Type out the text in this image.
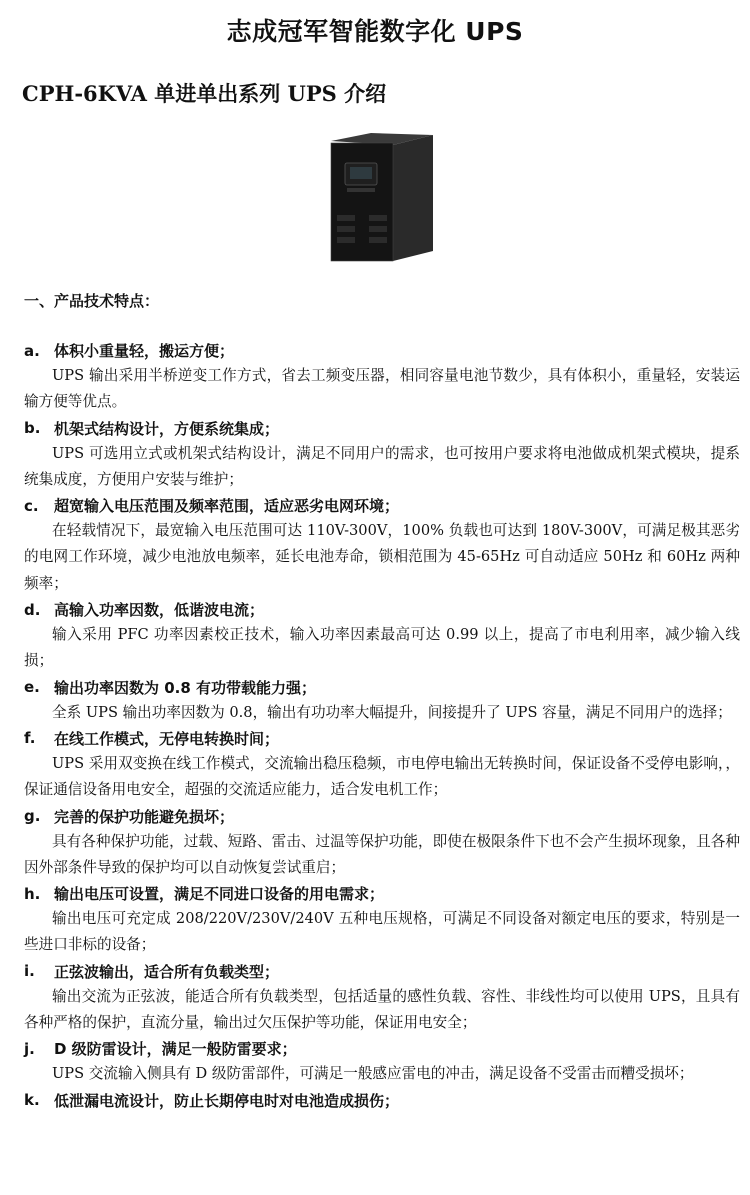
志成冠军智能数字化 UPS
CPH-6KVA 单进单出系列 UPS 介绍
一、产品技术特点：
a. 体积小重量轻，搬运方便；

UPS 输出采用半桥逆变工作方式，省去工频变压器，相同容量电池节数少，具有体积小，重量轻，安装运输方便等优点。

b. 机架式结构设计，方便系统集成；

UPS 可选用立式或机架式结构设计，满足不同用户的需求，也可按用户要求将电池做成机架式模块，提系统集成度，方便用户安装与维护；

c.	超宽输入电压范围及频率范围，适应恶劣电网环境；

在轻载情况下，最宽输入电压范围可达 110V-300V，100% 负载也可达到 180V-300V，可满足极其恶劣的电网工作环境，减少电池放电频率，延长电池寿命，锁相范围为 45-65Hz 可自动适应 50Hz 和 60Hz 两种频率；

d. 高输入功率因数，低谐波电流；

输入采用 PFC 功率因素校正技术，输入功率因素最高可达 0.99 以上，提高了市电利用率，减少输入线损；

e. 输出功率因数为 0.8 有功带载能力强；

全系 UPS 输出功率因数为 0.8，输出有功功率大幅提升，间接提升了 UPS 容量，满足不同用户的选择；

f.	在线工作模式，无停电转换时间；

UPS 采用双变换在线工作模式，交流输出稳压稳频，市电停电输出无转换时间，保证设备不受停电影响，，保证通信设备用电安全，超强的交流适应能力，适合发电机工作；

g. 完善的保护功能避免损坏；

具有各种保护功能，过载、短路、雷击、过温等保护功能，即使在极限条件下也不会产生损坏现象，且各种因外部条件导致的保护均可以自动恢复尝试重启；

h. 输出电压可设置，满足不同进口设备的用电需求；

输出电压可充定成 208/220V/230V/240V 五种电压规格，可满足不同设备对额定电压的要求，特别是一些进口非标的设备；

i.	正弦波输出，适合所有负载类型；

输出交流为正弦波，能适合所有负载类型，包括适量的感性负载、容性、非线性均可以使用 UPS，且具有各种严格的保护，直流分量，输出过欠压保护等功能，保证用电安全；

j.	D 级防雷设计，满足一般防雷要求；

UPS 交流输入侧具有 D 级防雷部件，可满足一般感应雷电的冲击，满足设备不受雷击而糟受损坏；

k. 低泄漏电流设计，防止长期停电时对电池造成损伤；
